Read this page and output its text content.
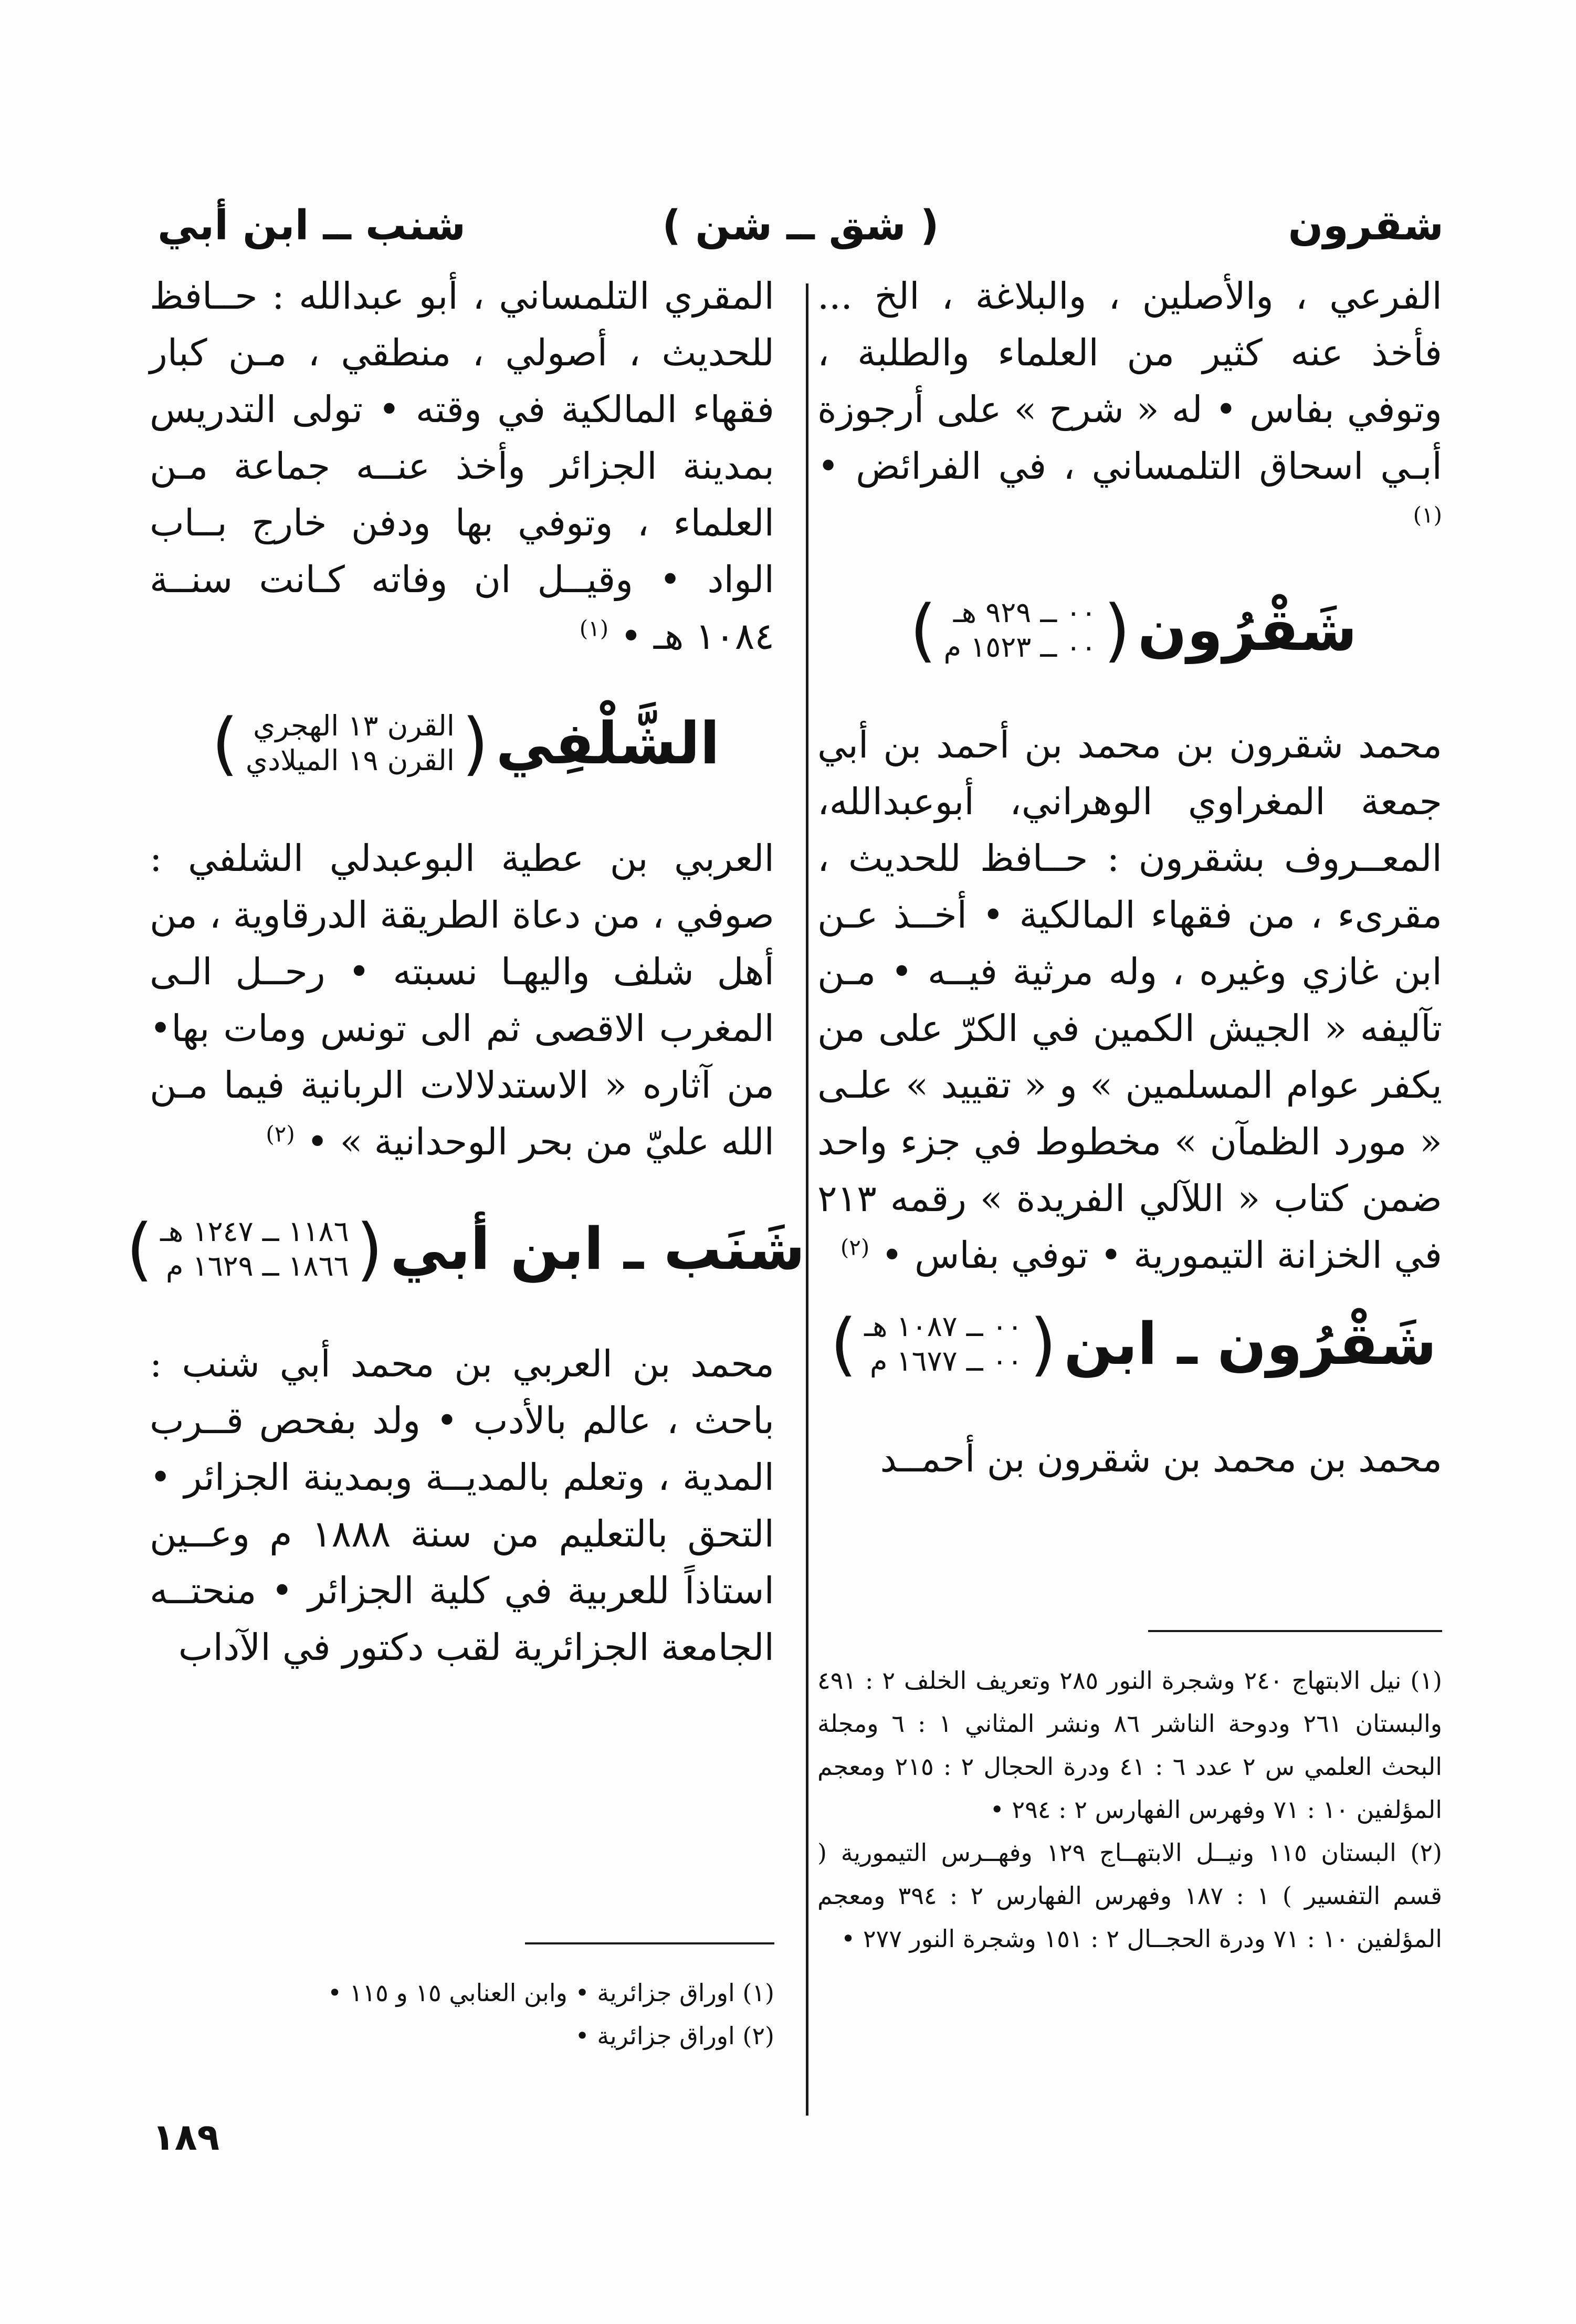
شقرون
( شق ــ شن )
شنب ــ ابن أبي

الفرعي ، والأصلين ، والبلاغة ، الخ ... فأخذ عنه كثير من العلماء والطلبة ، وتوفي بفاس • له « شرح » على أرجوزة أبـي اسحاق التلمساني ، في الفرائض • $^{(١)}$

شَقْرُون
(
٠٠ ــ ٩٢٩ هـ
٠٠ ــ ١٥٢٣ م
)

محمد شقرون بن محمد بن أحمد بن أبي جمعة المغراوي الوهراني، أبوعبدالله، المعــروف بشقرون : حــافظ للحديث ، مقرىء ، من فقهاء المالكية • أخــذ عـن ابن غازي وغيره ، وله مرثية فيــه • مـن تآليفه « الجيش الكمين في الكرّ على من يكفر عوام المسلمين » و « تقييد » علـى « مورد الظمآن » مخطوط في جزء واحد ضمن كتاب « اللآلي الفريدة » رقمه ٢١٣ في الخزانة التيمورية • توفي بفاس • $^{(٢)}$

شَقْرُون ـ ابن
(
٠٠ ــ ١٠٨٧ هـ
٠٠ ــ ١٦٧٧ م
)

محمد بن محمد بن شقرون بن أحمــد

(١) نيل الابتهاج ٢٤٠ وشجرة النور ٢٨٥ وتعريف الخلف ٢ : ٤٩١ والبستان ٢٦١ ودوحة الناشر ٨٦ ونشر المثاني ١ : ٦ ومجلة البحث العلمي س ٢ عدد ٦ : ٤١ ودرة الحجال ٢ : ٢١٥ ومعجم المؤلفين ١٠ : ٧١ وفهرس الفهارس ٢ : ٢٩٤ •

(٢) البستان ١١٥ ونيــل الابتهــاج ١٢٩ وفهــرس التيمورية ( قسم التفسير ) ١ : ١٨٧ وفهرس الفهارس ٢ : ٣٩٤ ومعجم المؤلفين ١٠ : ٧١ ودرة الحجــال ٢ : ١٥١ وشجرة النور ٢٧٧ •

المقري التلمساني ، أبو عبدالله : حــافظ للحديث ، أصولي ، منطقي ، مـن كبار فقهاء المالكية في وقته • تولى التدريس بمدينة الجزائر وأخذ عنــه جماعة مـن العلماء ، وتوفي بها ودفن خارج بــاب الواد • وقيــل ان وفاته كـانت سنــة ١٠٨٤ هـ • $^{(١)}$

الشَّلْفِي
(
القرن ١٣ الهجري
القرن ١٩ الميلادي
)

العربي بن عطية البوعبدلي الشلفي : صوفي ، من دعاة الطريقة الدرقاوية ، من أهل شلف واليهـا نسبته • رحــل الـى المغرب الاقصى ثم الى تونس ومات بها• من آثاره « الاستدلالات الربانية فيما مـن الله عليّ من بحر الوحدانية » • $^{(٢)}$

شَنَب ـ ابن أبي
(
١١٨٦ ــ ١٢٤٧ هـ
١٨٦٦ ــ ١٦٢٩ م
)

محمد بن العربي بن محمد أبي شنب : باحث ، عالم بالأدب • ولد بفحص قــرب المدية ، وتعلم بالمديــة وبمدينة الجزائر • التحق بالتعليم من سنة ١٨٨٨ م وعــين استاذاً للعربية في كلية الجزائر • منحتــه الجامعة الجزائرية لقب دكتور في الآداب

(١) اوراق جزائرية • وابن العنابي ١٥ و ١١٥ •

(٢) اوراق جزائرية •

١٨٩
